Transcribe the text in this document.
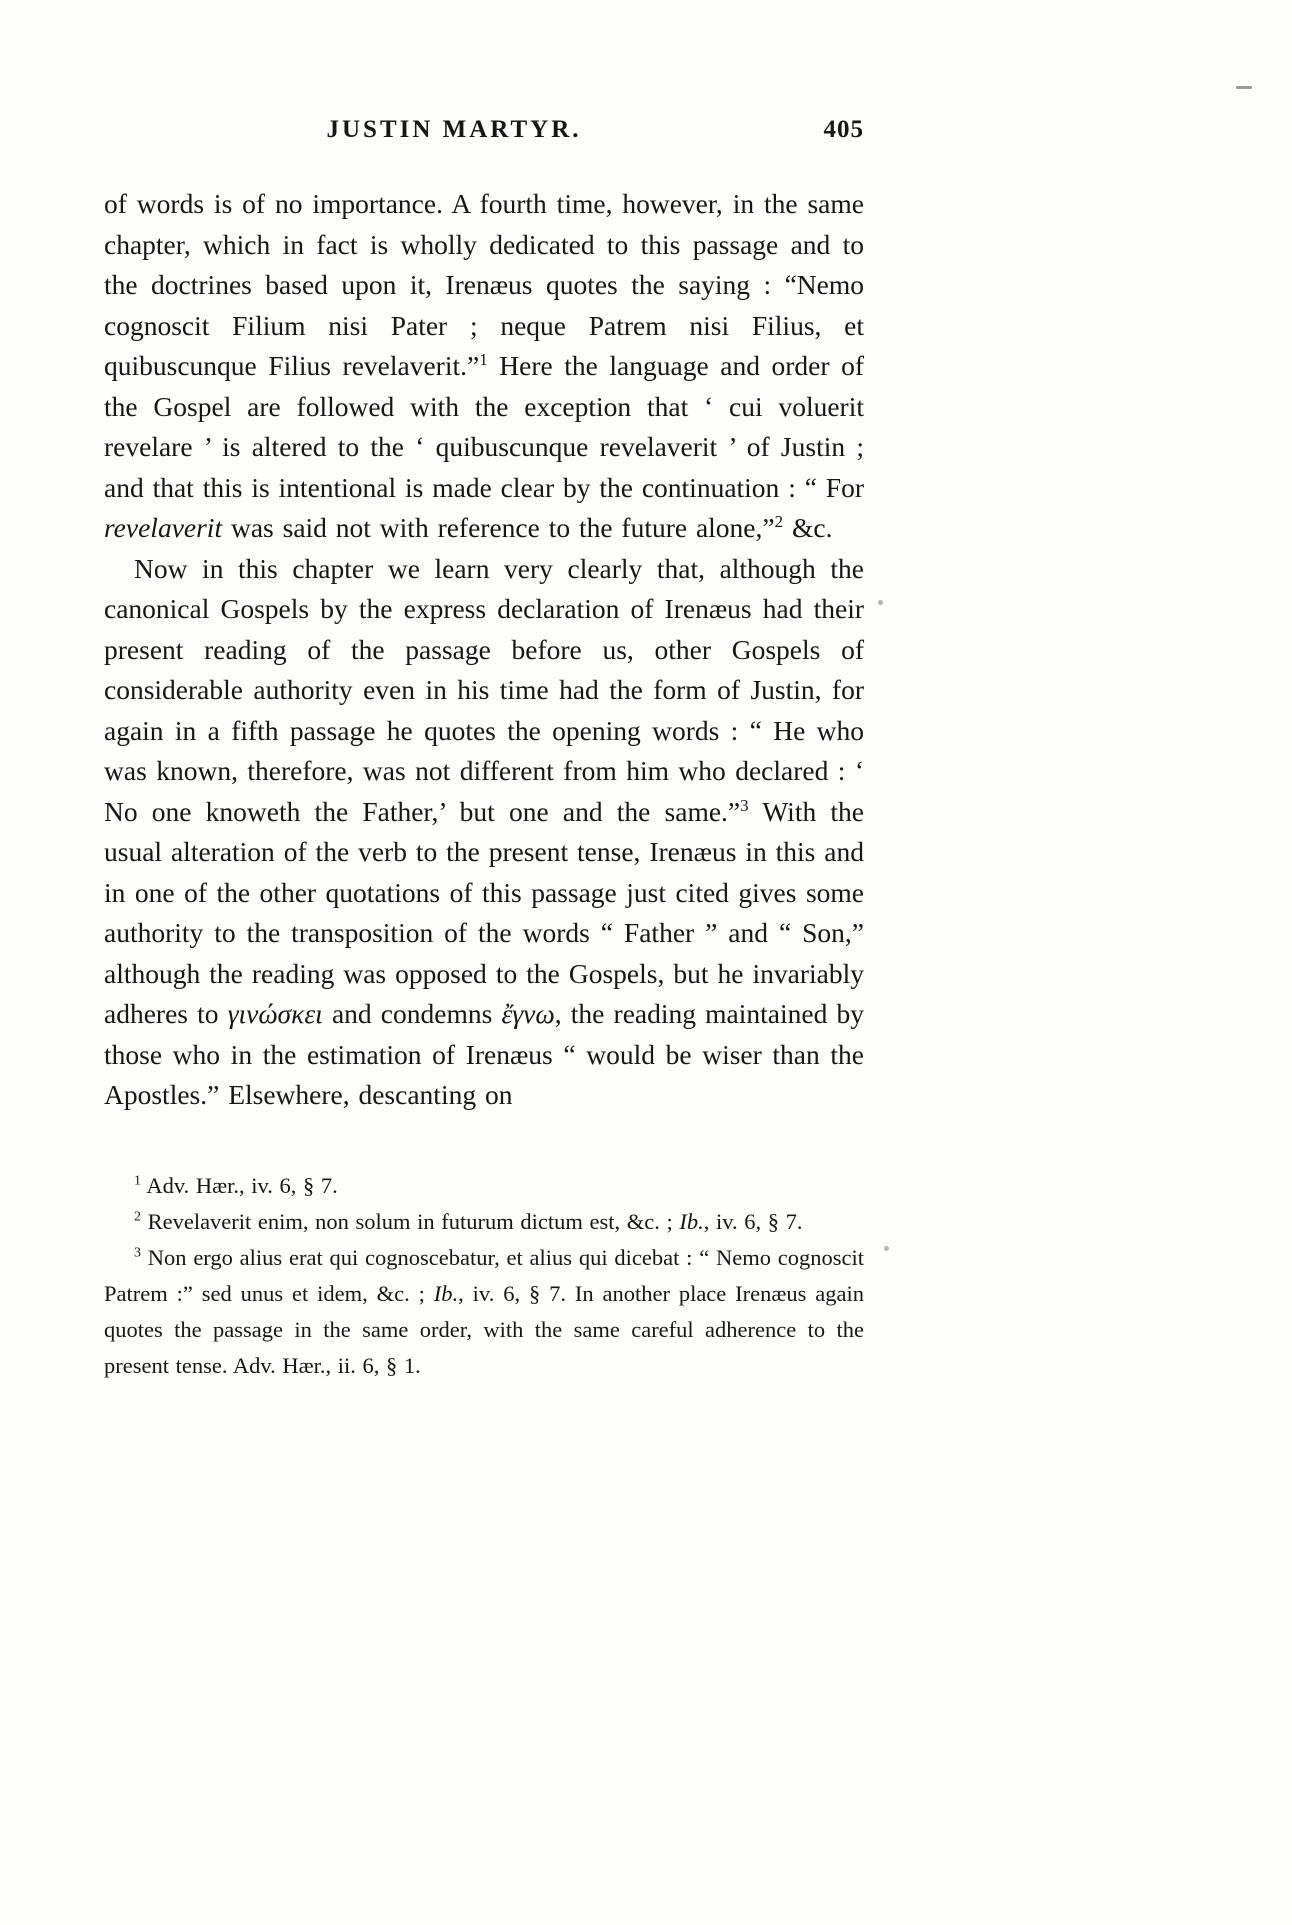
JUSTIN MARTYR.	405

of words is of no importance. A fourth time, however, in the same chapter, which in fact is wholly dedicated to this passage and to the doctrines based upon it, Irenæus quotes the saying : “Nemo cognoscit Filium nisi Pater ; neque Patrem nisi Filius, et quibuscunque Filius revelaverit.”$^1$ Here the language and order of the Gospel are followed with the exception that ‘ cui voluerit revelare ’ is altered to the ‘ quibuscunque revelaverit ’ of Justin ; and that this is intentional is made clear by the continuation : “ For revelaverit was said not with reference to the future alone,”$^2$ &c.

Now in this chapter we learn very clearly that, although the canonical Gospels by the express declaration of Irenæus had their present reading of the passage before us, other Gospels of considerable authority even in his time had the form of Justin, for again in a fifth passage he quotes the opening words : “ He who was known, therefore, was not different from him who declared : ‘ No one knoweth the Father,’ but one and the same.”$^3$ With the usual alteration of the verb to the present tense, Irenæus in this and in one of the other quotations of this passage just cited gives some authority to the transposition of the words “ Father ” and “ Son,” although the reading was opposed to the Gospels, but he invariably adheres to γινώσκει and condemns ἔγνω, the reading maintained by those who in the estimation of Irenæus “ would be wiser than the Apostles.” Elsewhere, descanting on

$^1$ Adv. Hær., iv. 6, § 7.

$^2$ Revelaverit enim, non solum in futurum dictum est, &c. ; Ib., iv. 6, § 7.

$^3$ Non ergo alius erat qui cognoscebatur, et alius qui dicebat : “ Nemo cognoscit Patrem :” sed unus et idem, &c. ; Ib., iv. 6, § 7. In another place Irenæus again quotes the passage in the same order, with the same careful adherence to the present tense. Adv. Hær., ii. 6, § 1.
